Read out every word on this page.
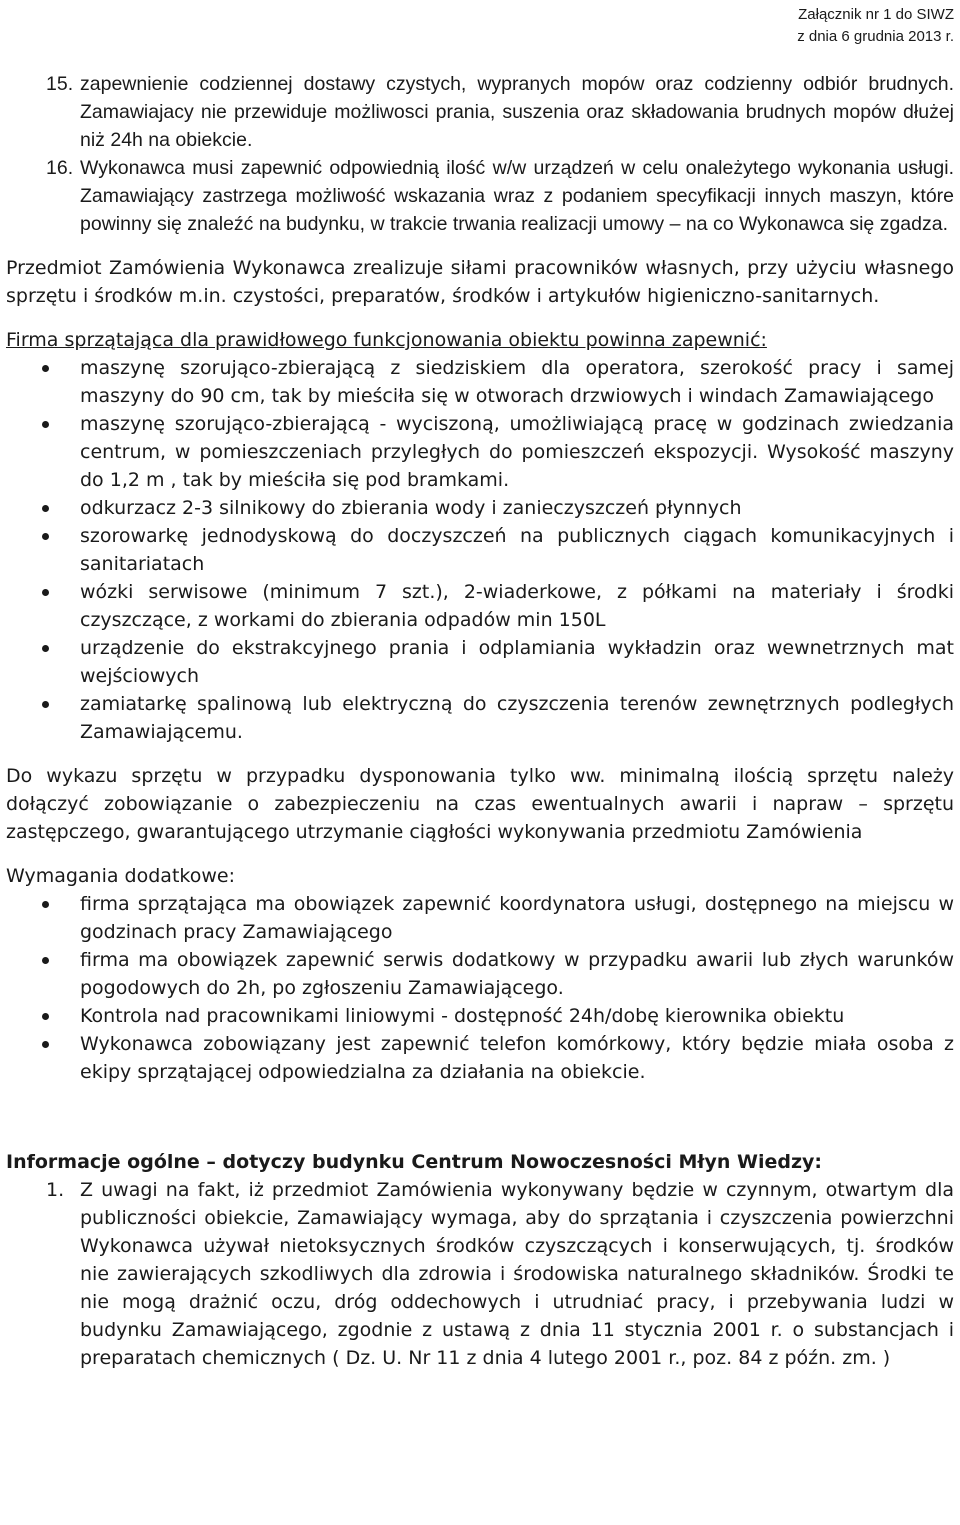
Załącznik nr 1 do SIWZ
z dnia 6 grudnia 2013 r.
15. zapewnienie codziennej dostawy czystych, wypranych mopów oraz codzienny odbiór brudnych. Zamawiajacy nie przewiduje możliwosci prania, suszenia oraz składowania brudnych mopów dłużej niż 24h na obiekcie.
16. Wykonawca musi zapewnić odpowiednią ilość w/w urządzeń w celu onależytego wykonania usługi. Zamawiający zastrzega możliwość wskazania wraz z podaniem specyfikacji innych maszyn, które powinny się znaleźć na budynku, w trakcie trwania realizacji umowy – na co Wykonawca się zgadza.

Przedmiot Zamówienia Wykonawca zrealizuje siłami pracowników własnych, przy użyciu własnego sprzętu i środków m.in. czystości, preparatów, środków i artykułów higieniczno-sanitarnych.

Firma sprzątająca dla prawidłowego funkcjonowania obiektu powinna zapewnić:

maszynę szorująco-zbierającą z siedziskiem dla operatora, szerokość pracy i samej maszyny do 90 cm, tak by mieściła się w otworach drzwiowych i windach Zamawiającego
maszynę szorująco-zbierającą - wyciszoną, umożliwiającą pracę w godzinach zwiedzania centrum, w pomieszczeniach przyległych do pomieszczeń ekspozycji. Wysokość maszyny do 1,2 m , tak by mieściła się pod bramkami.
odkurzacz 2-3 silnikowy do zbierania wody i zanieczyszczeń płynnych
szorowarkę jednodyskową do doczyszczeń na publicznych ciągach komunikacyjnych i sanitariatach
wózki serwisowe (minimum 7 szt.), 2-wiaderkowe, z półkami na materiały i środki czyszczące, z workami do zbierania odpadów min 150L
urządzenie do ekstrakcyjnego prania i odplamiania wykładzin oraz wewnetrznych mat wejściowych
zamiatarkę spalinową lub elektryczną do czyszczenia terenów zewnętrznych podległych Zamawiającemu.

Do wykazu sprzętu w przypadku dysponowania tylko ww. minimalną ilością sprzętu należy dołączyć zobowiązanie o zabezpieczeniu na czas ewentualnych awarii i napraw – sprzętu zastępczego, gwarantującego utrzymanie ciągłości wykonywania przedmiotu Zamówienia

Wymagania dodatkowe:

firma sprzątająca ma obowiązek zapewnić koordynatora usługi, dostępnego na miejscu w godzinach pracy Zamawiającego
firma ma obowiązek zapewnić serwis dodatkowy w przypadku awarii lub złych warunków pogodowych do 2h, po zgłoszeniu Zamawiającego.
Kontrola nad pracownikami liniowymi - dostępność 24h/dobę kierownika obiektu
Wykonawca zobowiązany jest zapewnić telefon komórkowy, który będzie miała osoba z ekipy sprzątającej odpowiedzialna za działania na obiekcie.

Informacje ogólne – dotyczy budynku Centrum Nowoczesności Młyn Wiedzy:

1. Z uwagi na fakt, iż przedmiot Zamówienia wykonywany będzie w czynnym, otwartym dla publiczności obiekcie, Zamawiający wymaga, aby do sprzątania i czyszczenia powierzchni Wykonawca używał nietoksycznych środków czyszczących i konserwujących, tj. środków nie zawierających szkodliwych dla zdrowia i środowiska naturalnego składników. Środki te nie mogą drażnić oczu, dróg oddechowych i utrudniać pracy, i przebywania ludzi w budynku Zamawiającego, zgodnie z ustawą z dnia 11 stycznia 2001 r. o substancjach i preparatach chemicznych ( Dz. U. Nr 11 z dnia 4 lutego 2001 r., poz. 84 z późn. zm. )
